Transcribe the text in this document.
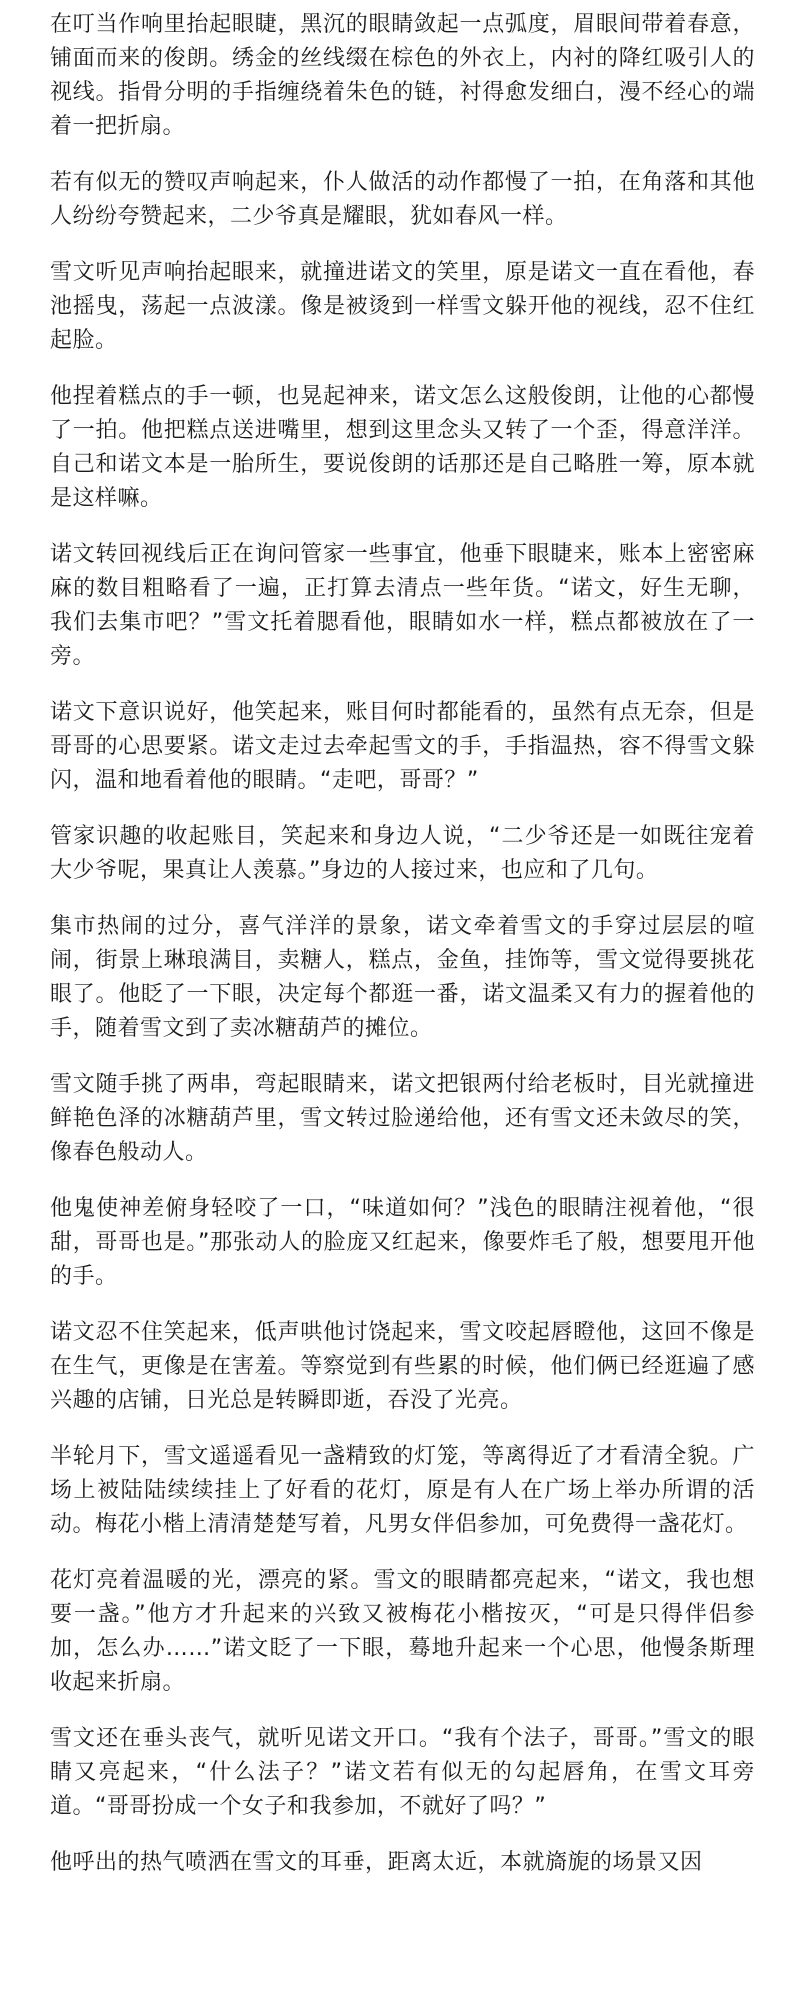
在叮当作响里抬起眼睫，黑沉的眼睛敛起一点弧度，眉眼间带着春意，铺面而来的俊朗。绣金的丝线缀在棕色的外衣上，内衬的降红吸引人的视线。指骨分明的手指缠绕着朱色的链，衬得愈发细白，漫不经心的端着一把折扇。

若有似无的赞叹声响起来，仆人做活的动作都慢了一拍，在角落和其他人纷纷夸赞起来，二少爷真是耀眼，犹如春风一样。

雪文听见声响抬起眼来，就撞进诺文的笑里，原是诺文一直在看他，春池摇曳，荡起一点波漾。像是被烫到一样雪文躲开他的视线，忍不住红起脸。

他捏着糕点的手一顿，也晃起神来，诺文怎么这般俊朗，让他的心都慢了一拍。他把糕点送进嘴里，想到这里念头又转了一个歪，得意洋洋。自己和诺文本是一胎所生，要说俊朗的话那还是自己略胜一筹，原本就是这样嘛。

诺文转回视线后正在询问管家一些事宜，他垂下眼睫来，账本上密密麻麻的数目粗略看了一遍，正打算去清点一些年货。“诺文，好生无聊，我们去集市吧？”雪文托着腮看他，眼睛如水一样，糕点都被放在了一旁。

诺文下意识说好，他笑起来，账目何时都能看的，虽然有点无奈，但是哥哥的心思要紧。诺文走过去牵起雪文的手，手指温热，容不得雪文躲闪，温和地看着他的眼睛。“走吧，哥哥？”

管家识趣的收起账目，笑起来和身边人说，“二少爷还是一如既往宠着大少爷呢，果真让人羡慕。”身边的人接过来，也应和了几句。

集市热闹的过分，喜气洋洋的景象，诺文牵着雪文的手穿过层层的喧闹，街景上琳琅满目，卖糖人，糕点，金鱼，挂饰等，雪文觉得要挑花眼了。他眨了一下眼，决定每个都逛一番，诺文温柔又有力的握着他的手，随着雪文到了卖冰糖葫芦的摊位。

雪文随手挑了两串，弯起眼睛来，诺文把银两付给老板时，目光就撞进鲜艳色泽的冰糖葫芦里，雪文转过脸递给他，还有雪文还未敛尽的笑，像春色般动人。

他鬼使神差俯身轻咬了一口，“味道如何？”浅色的眼睛注视着他，“很甜，哥哥也是。”那张动人的脸庞又红起来，像要炸毛了般，想要甩开他的手。

诺文忍不住笑起来，低声哄他讨饶起来，雪文咬起唇瞪他，这回不像是在生气，更像是在害羞。等察觉到有些累的时候，他们俩已经逛遍了感兴趣的店铺，日光总是转瞬即逝，吞没了光亮。

半轮月下，雪文遥遥看见一盏精致的灯笼，等离得近了才看清全貌。广场上被陆陆续续挂上了好看的花灯，原是有人在广场上举办所谓的活动。梅花小楷上清清楚楚写着，凡男女伴侣参加，可免费得一盏花灯。

花灯亮着温暖的光，漂亮的紧。雪文的眼睛都亮起来，“诺文，我也想要一盏。”他方才升起来的兴致又被梅花小楷按灭，“可是只得伴侣参加，怎么办……”诺文眨了一下眼，蓦地升起来一个心思，他慢条斯理收起来折扇。

雪文还在垂头丧气，就听见诺文开口。“我有个法子，哥哥。”雪文的眼睛又亮起来，“什么法子？”诺文若有似无的勾起唇角，在雪文耳旁道。“哥哥扮成一个女子和我参加，不就好了吗？”

他呼出的热气喷洒在雪文的耳垂，距离太近，本就旖旎的场景又因
